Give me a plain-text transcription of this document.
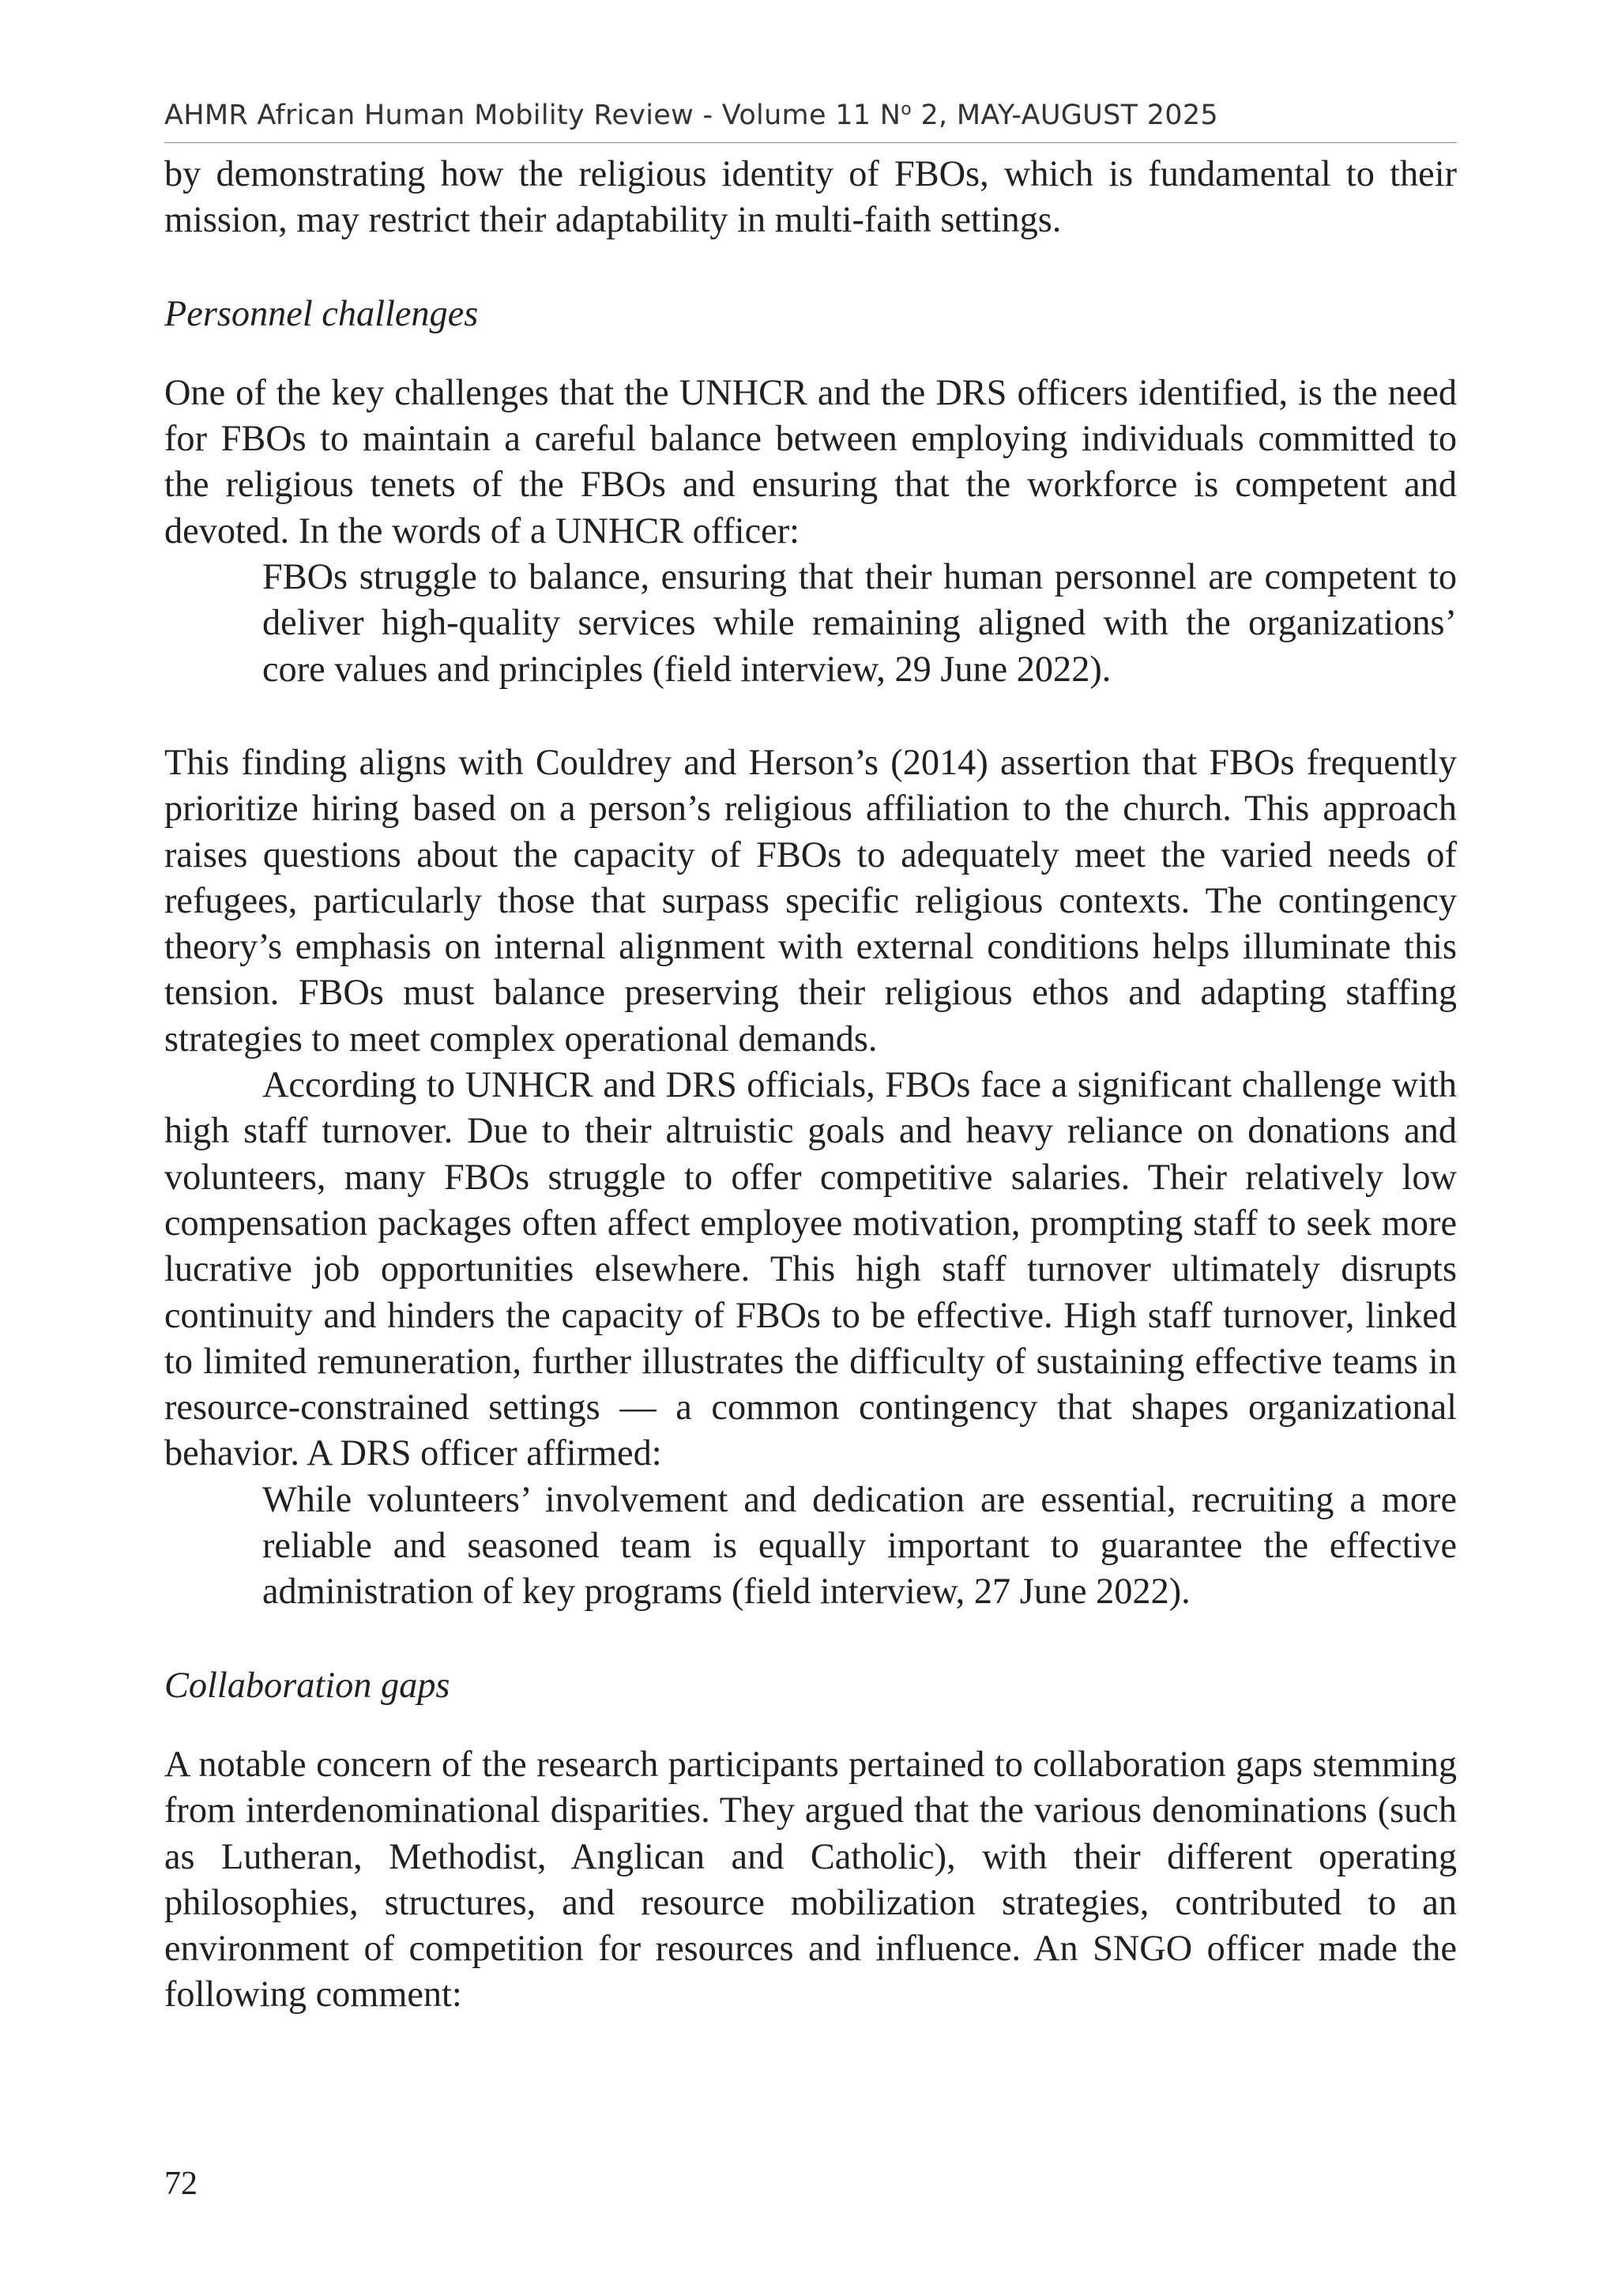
AHMR African Human Mobility Review - Volume 11 $N^o$ 2, MAY-AUGUST 2025

by demonstrating how the religious identity of FBOs, which is fundamental to their mission, may restrict their adaptability in multi-faith settings.

Personnel challenges

One of the key challenges that the UNHCR and the DRS officers identified, is the need for FBOs to maintain a careful balance between employing individuals committed to the religious tenets of the FBOs and ensuring that the workforce is competent and devoted. In the words of a UNHCR officer:

FBOs struggle to balance, ensuring that their human personnel are competent to deliver high-quality services while remaining aligned with the organizations’ core values and principles (field interview, 29 June 2022).

This finding aligns with Couldrey and Herson’s (2014) assertion that FBOs frequently prioritize hiring based on a person’s religious affiliation to the church. This approach raises questions about the capacity of FBOs to adequately meet the varied needs of refugees, particularly those that surpass specific religious contexts. The contingency theory’s emphasis on internal alignment with external conditions helps illuminate this tension. FBOs must balance preserving their religious ethos and adapting staffing strategies to meet complex operational demands.

According to UNHCR and DRS officials, FBOs face a significant challenge with high staff turnover. Due to their altruistic goals and heavy reliance on donations and volunteers, many FBOs struggle to offer competitive salaries. Their relatively low compensation packages often affect employee motivation, prompting staff to seek more lucrative job opportunities elsewhere. This high staff turnover ultimately disrupts continuity and hinders the capacity of FBOs to be effective. High staff turnover, linked to limited remuneration, further illustrates the difficulty of sustaining effective teams in resource-constrained settings — a common contingency that shapes organizational behavior. A DRS officer affirmed:

While volunteers’ involvement and dedication are essential, recruiting a more reliable and seasoned team is equally important to guarantee the effective administration of key programs (field interview, 27 June 2022).
Collaboration gaps

A notable concern of the research participants pertained to collaboration gaps stemming from interdenominational disparities. They argued that the various denominations (such as Lutheran, Methodist, Anglican and Catholic), with their different operating philosophies, structures, and resource mobilization strategies, contributed to an environment of competition for resources and influence. An SNGO officer made the following comment:

72
